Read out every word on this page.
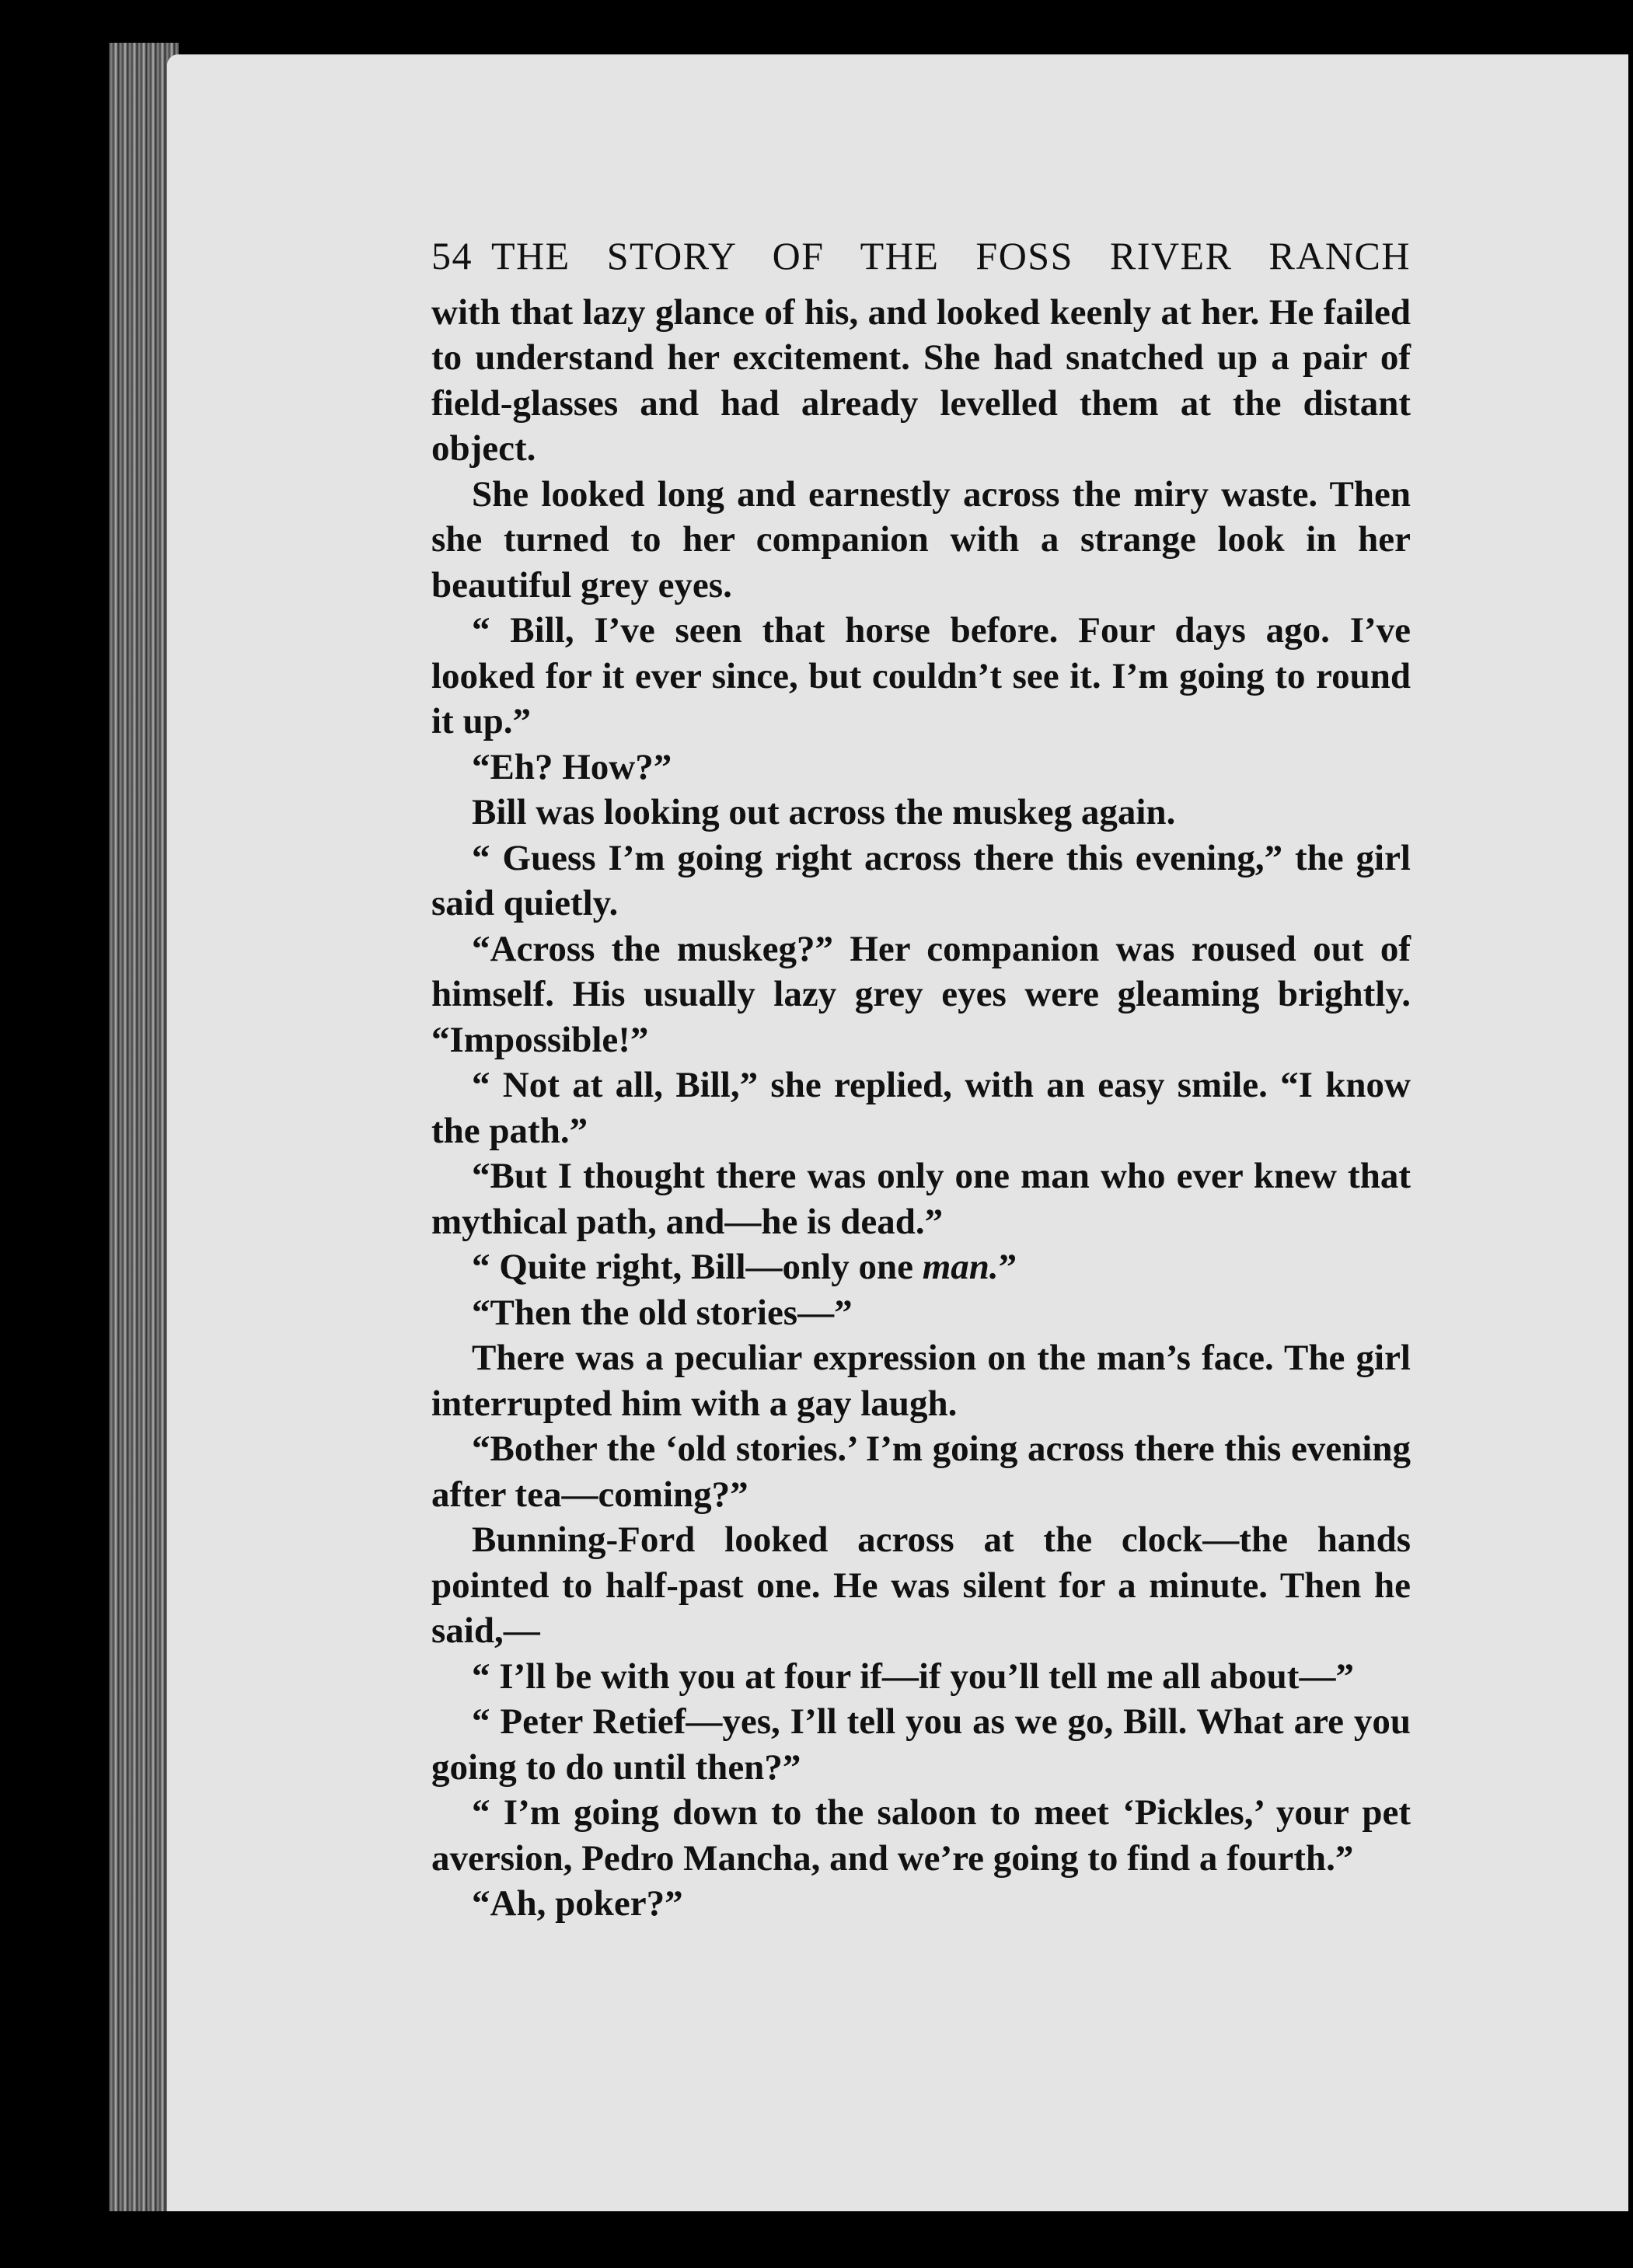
54 THE STORY OF THE FOSS RIVER RANCH

with that lazy glance of his, and looked keenly at her. He failed to understand her excitement. She had snatched up a pair of field-glasses and had already levelled them at the distant object.

She looked long and earnestly across the miry waste. Then she turned to her companion with a strange look in her beautiful grey eyes.

“ Bill, I’ve seen that horse before. Four days ago. I’ve looked for it ever since, but couldn’t see it. I’m going to round it up.”

“Eh? How?”

Bill was looking out across the muskeg again.

“ Guess I’m going right across there this evening,” the girl said quietly.

“Across the muskeg?” Her companion was roused out of himself. His usually lazy grey eyes were gleaming brightly. “Impossible!”

“ Not at all, Bill,” she replied, with an easy smile. “I know the path.”

“But I thought there was only one man who ever knew that mythical path, and—he is dead.”

“ Quite right, Bill—only one man.”

“Then the old stories—”

There was a peculiar expression on the man’s face. The girl interrupted him with a gay laugh.

“Bother the ‘old stories.’ I’m going across there this evening after tea—coming?”

Bunning-Ford looked across at the clock—the hands pointed to half-past one. He was silent for a minute. Then he said,—

“ I’ll be with you at four if—if you’ll tell me all about—”

“ Peter Retief—yes, I’ll tell you as we go, Bill. What are you going to do until then?”

“ I’m going down to the saloon to meet ‘Pickles,’ your pet aversion, Pedro Mancha, and we’re going to find a fourth.”

“Ah, poker?”
